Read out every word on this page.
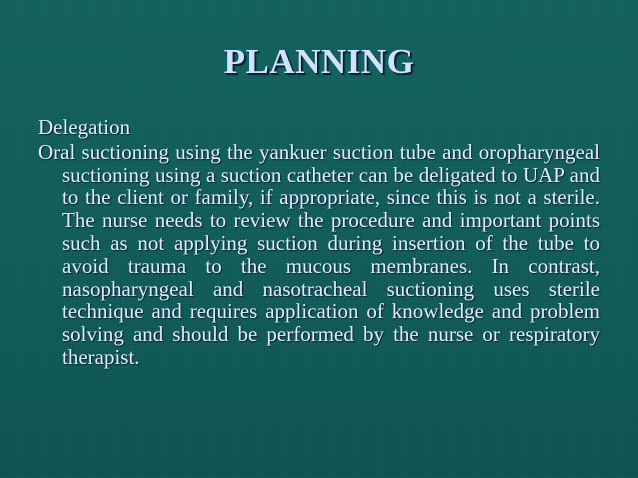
PLANNING
Delegation

Oral suctioning using the yankuer suction tube and oropharyngeal suctioning using a suction catheter can be deligated to UAP and to the client or family, if appropriate, since this is not a sterile. The nurse needs to review the procedure and important points such as not applying suction during insertion of the tube to avoid trauma to the mucous membranes. In contrast, nasopharyngeal and nasotracheal suctioning uses sterile technique and requires application of knowledge and problem solving and should be performed by the nurse or respiratory therapist.
